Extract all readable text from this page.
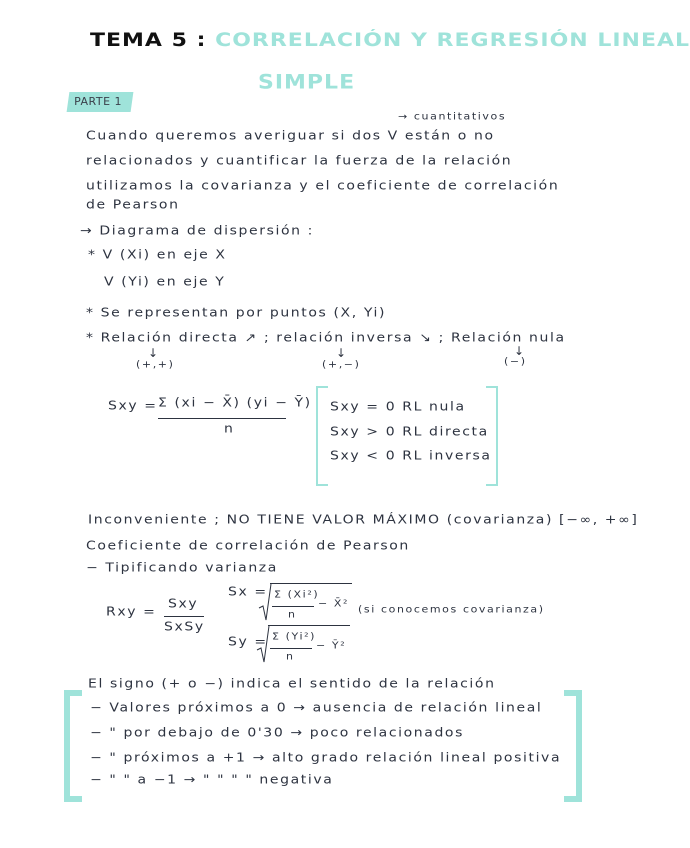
TEMA 5 : CORRELACIÓN Y REGRESIÓN LINEAL
SIMPLE
PARTE 1
→ cuantitativos
Cuando queremos averiguar si dos V están o no
relacionados y cuantificar la fuerza de la relación
utilizamos la covarianza y el coeficiente de correlación
de Pearson
→ Diagrama de dispersión :
* V (Xi) en eje X
V (Yi) en eje Y
* Se representan por puntos (X, Yi)
* Relación directa ↗ ; relación inversa ↘ ; Relación nula
↓	↓	↓
(+,+)	(+,−)	(−)
Sxy = Σ (xi − X̄) (yi − Ȳ)
n
Sxy = 0 RL nula
Sxy > 0 RL directa
Sxy < 0 RL inversa
Inconveniente ; NO TIENE VALOR MÁXIMO (covarianza) [−∞, +∞]
Coeficiente de correlación de Pearson
− Tipificando varianza
Rxy =
Sxy
SxSy
Sx = Σ (Xi²)
n
− X̄²
(si conocemos covarianza)
Sy = Σ (Yi²)
n
− Ȳ²
El signo (+ o −) indica el sentido de la relación
− Valores próximos a 0 → ausencia de relación lineal
− " por debajo de 0'30 → poco relacionados
− " próximos a +1 → alto grado relación lineal positiva
− " " a −1 → " " " " negativa
